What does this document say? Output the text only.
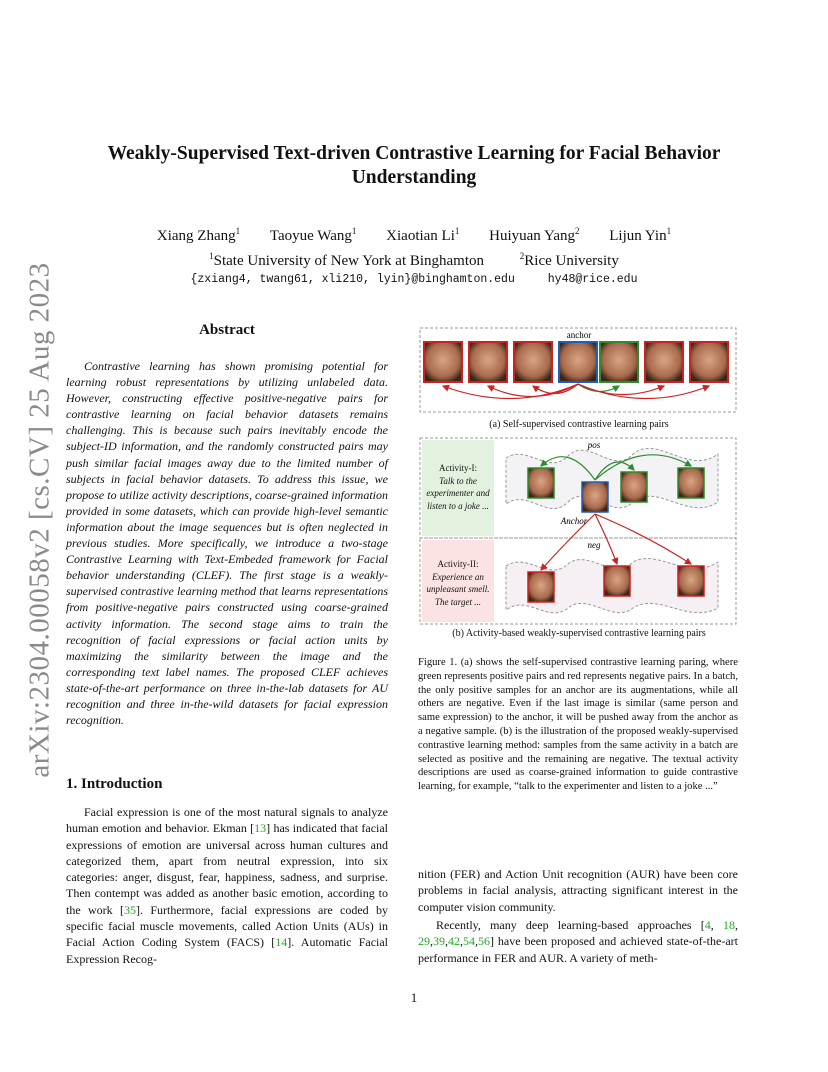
arXiv:2304.00058v2 [cs.CV] 25 Aug 2023
Weakly-Supervised Text-driven Contrastive Learning for Facial Behavior Understanding
Xiang Zhang$^1$ Taoyue Wang$^1$ Xiaotian Li$^1$ Huiyuan Yang$^2$ Lijun Yin$^1$
$^1$State University of New York at Binghamton	$^2$Rice University
{zxiang4, twang61, xli210, lyin}@binghamton.edu	hy48@rice.edu
Abstract
Contrastive learning has shown promising potential for learning robust representations by utilizing unlabeled data. However, constructing effective positive-negative pairs for contrastive learning on facial behavior datasets remains challenging. This is because such pairs inevitably encode the subject-ID information, and the randomly constructed pairs may push similar facial images away due to the limited number of subjects in facial behavior datasets. To address this issue, we propose to utilize activity descriptions, coarse-grained information provided in some datasets, which can provide high-level semantic information about the image sequences but is often neglected in previous studies. More specifically, we introduce a two-stage Contrastive Learning with Text-Embeded framework for Facial behavior understanding (CLEF). The first stage is a weakly-supervised contrastive learning method that learns representations from positive-negative pairs constructed using coarse-grained activity information. The second stage aims to train the recognition of facial expressions or facial action units by maximizing the similarity between the image and the corresponding text label names. The proposed CLEF achieves state-of-the-art performance on three in-the-lab datasets for AU recognition and three in-the-wild datasets for facial expression recognition.
1. Introduction
Facial expression is one of the most natural signals to analyze human emotion and behavior. Ekman [13] has indicated that facial expressions of emotion are universal across human cultures and categorized them, apart from neutral expression, into six categories: anger, disgust, fear, happiness, sadness, and surprise. Then contempt was added as another basic emotion, according to the work [35]. Furthermore, facial expressions are coded by specific facial muscle movements, called Action Units (AUs) in Facial Action Coding System (FACS) [14]. Automatic Facial Expression Recog-
anchor
pos
Anchor
neg
Activity-I:
Talk to the experimenter and listen to a joke ...
Activity-II:
Experience an unpleasant smell. The target ...
(a) Self-supervised contrastive learning pairs
(b) Activity-based weakly-supervised contrastive learning pairs
Figure 1. (a) shows the self-supervised contrastive learning paring, where green represents positive pairs and red represents negative pairs. In a batch, the only positive samples for an anchor are its augmentations, while all others are negative. Even if the last image is similar (same person and same expression) to the anchor, it will be pushed away from the anchor as a negative sample. (b) is the illustration of the proposed weakly-supervised contrastive learning method: samples from the same activity in a batch are selected as positive and the remaining are negative. The textual activity descriptions are used as coarse-grained information to guide contrastive learning, for example, “talk to the experimenter and listen to a joke ...”
nition (FER) and Action Unit recognition (AUR) have been core problems in facial analysis, attracting significant interest in the computer vision community.
Recently, many deep learning-based approaches [4, 18, 29,39,42,54,56] have been proposed and achieved state-of-the-art performance in FER and AUR. A variety of meth-
1
